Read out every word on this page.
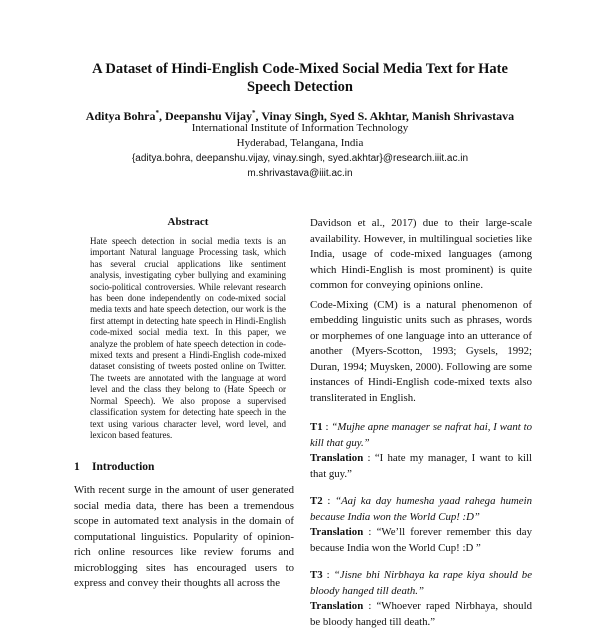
A Dataset of Hindi-English Code-Mixed Social Media Text for Hate Speech Detection
Aditya Bohra*, Deepanshu Vijay*, Vinay Singh, Syed S. Akhtar, Manish Shrivastava
International Institute of Information Technology
Hyderabad, Telangana, India
{aditya.bohra, deepanshu.vijay, vinay.singh, syed.akhtar}@research.iiit.ac.in
m.shrivastava@iiit.ac.in
Abstract
Hate speech detection in social media texts is an important Natural language Processing task, which has several crucial applications like sentiment analysis, investigating cyber bullying and examining socio-political controversies. While relevant research has been done independently on code-mixed social media texts and hate speech detection, our work is the first attempt in detecting hate speech in Hindi-English code-mixed social media text. In this paper, we analyze the problem of hate speech detection in code-mixed texts and present a Hindi-English code-mixed dataset consisting of tweets posted online on Twitter. The tweets are annotated with the language at word level and the class they belong to (Hate Speech or Normal Speech). We also propose a supervised classification system for detecting hate speech in the text using various character level, word level, and lexicon based features.
1 Introduction
With recent surge in the amount of user generated social media data, there has been a tremendous scope in automated text analysis in the domain of computational linguistics. Popularity of opinion-rich online resources like review forums and microblogging sites has encouraged users to express and convey their thoughts all across the

Davidson et al., 2017) due to their large-scale availability. However, in multilingual societies like India, usage of code-mixed languages (among which Hindi-English is most prominent) is quite common for conveying opinions online.

Code-Mixing (CM) is a natural phenomenon of embedding linguistic units such as phrases, words or morphemes of one language into an utterance of another (Myers-Scotton, 1993; Gysels, 1992; Duran, 1994; Muysken, 2000). Following are some instances of Hindi-English code-mixed texts also transliterated in English.

T1 : “Mujhe apne manager se nafrat hai, I want to kill that guy.”
Translation : “I hate my manager, I want to kill that guy.”
T2 : “Aaj ka day humesha yaad rahega humein because India won the World Cup! :D”
Translation : “We’ll forever remember this day because India won the World Cup! :D ”
T3 : “Jisne bhi Nirbhaya ka rape kiya should be bloody hanged till death.”
Translation : “Whoever raped Nirbhaya, should be bloody hanged till death.”
